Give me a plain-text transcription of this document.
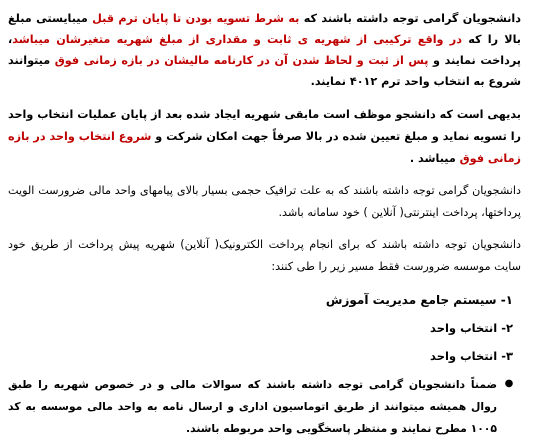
دانشجویان گرامی توجه داشته باشند که به شرط تسویه بودن تا پایان ترم قبل میبایستی مبلغ بالا را که در واقع ترکیبی از شهریه ی ثابت و مقداری از مبلغ شهریه متغیرشان میباشد، پرداخت نمایند و پس از ثبت و لحاظ شدن آن در کارنامه مالیشان در بازه زمانی فوق میتوانند شروع به انتخاب واحد ترم ۴۰۱۲ نمایند.

بدیهی است که دانشجو موظف است مابقی شهریه ایجاد شده بعد از پایان عملیات انتخاب واحد را تسویه نماید و مبلغ تعیین شده در بالا صرفاً جهت امکان شرکت و شروع انتخاب واحد در بازه زمانی فوق میباشد .

دانشجویان گرامی توجه داشته باشند که به علت ترافیک حجمی بسیار بالای پیامهای واحد مالی ضرورست الویت پرداختها، پرداخت اینترنتی( آنلاین ) خود سامانه باشد.

دانشجویان توجه داشته باشند که برای انجام پرداخت الکترونیک( آنلاین) شهریه پیش پرداخت از طریق خود سایت موسسه ضرورست فقط مسیر زیر را طی کنند:

۱- سیستم جامع مدیریت آموزش
۲- انتخاب واحد
۳- انتخاب واحد
●
ضمناً دانشجویان گرامی توجه داشته باشند که سوالات مالی و در خصوص شهریه را طبق روال همیشه میتوانند از طریق اتوماسیون اداری و ارسال نامه به واحد مالی موسسه به کد ۱۰۰۵ مطرح نمایند و منتظر پاسخگویی واحد مربوطه باشند.
